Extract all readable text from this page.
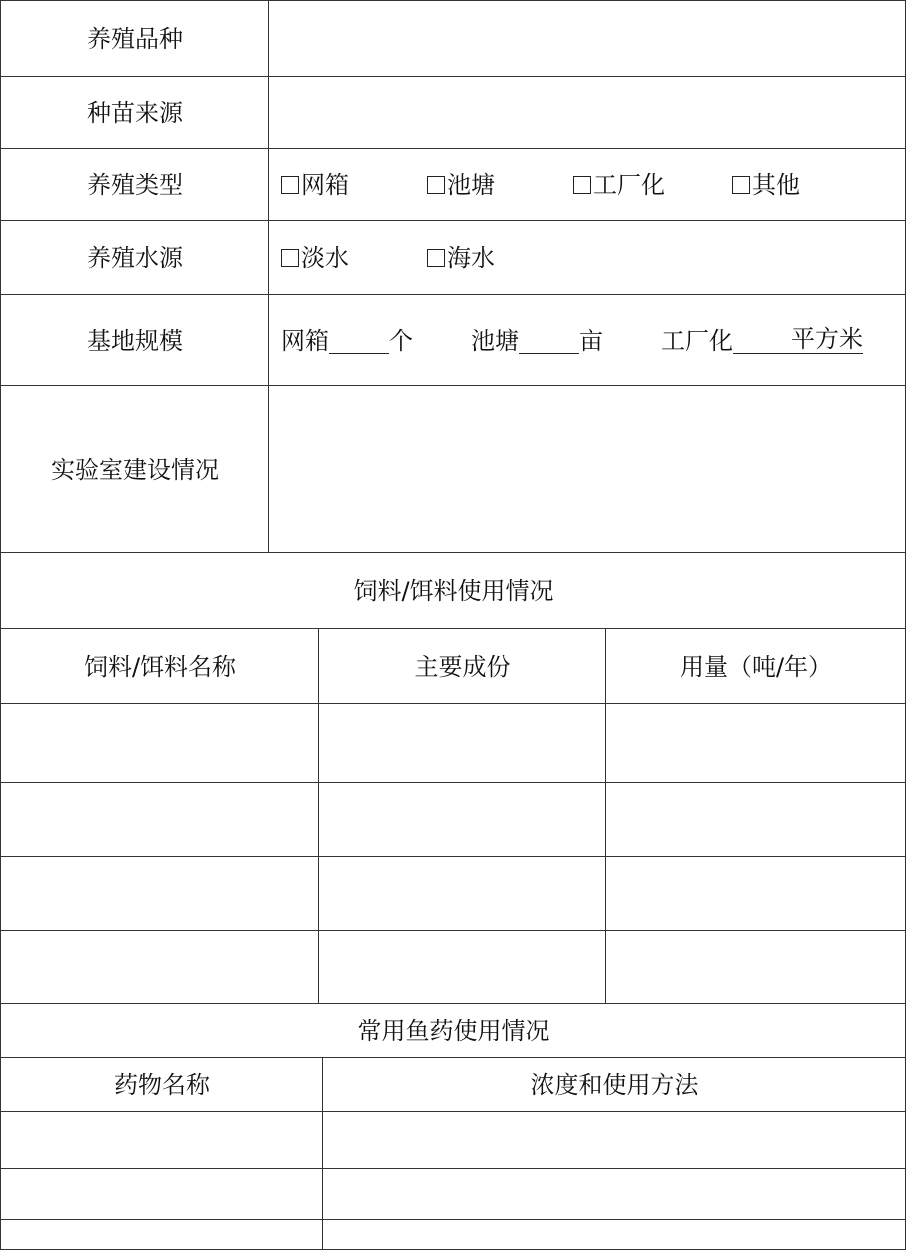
养殖品种
种苗来源
养殖类型	网箱	池塘	工厂化	其他
养殖水源	淡水	海水
基地规模	网箱	个 池塘	亩 工厂化 平方米
实验室建设情况
饲料/饵料使用情况
饲料/饵料名称	主要成份	用量（吨/年）
常用鱼药使用情况
药物名称	浓度和使用方法
